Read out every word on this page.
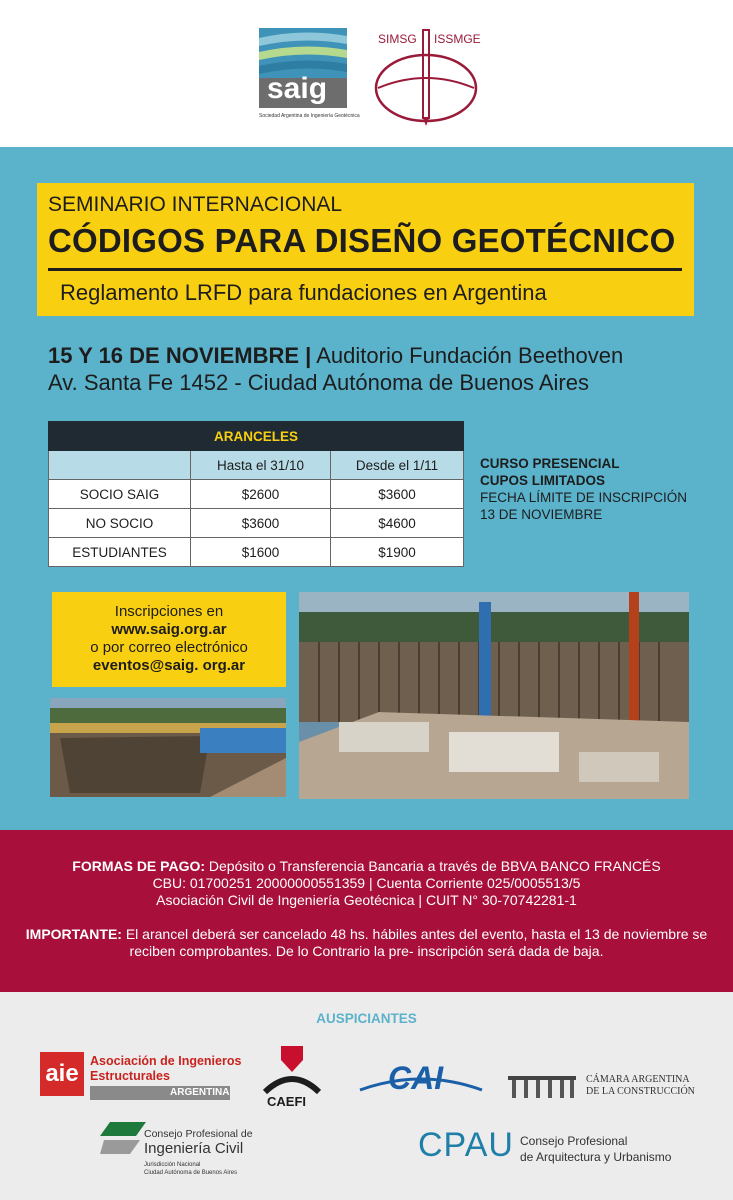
saig
Sociedad Argentina de Ingeniería Geotécnica
SIMSG ISSMGE
SEMINARIO INTERNACIONAL
CÓDIGOS PARA DISEÑO GEOTÉCNICO
Reglamento LRFD para fundaciones en Argentina
15 Y 16 DE NOVIEMBRE | Auditorio Fundación Beethoven
Av. Santa Fe 1452 - Ciudad Autónoma de Buenos Aires
ARANCELES		
	Hasta el 31/10	Desde el 1/11
SOCIO SAIG	$2600	$3600
NO SOCIO	$3600	$4600
ESTUDIANTES	$1600	$1900
CURSO PRESENCIAL
CUPOS LIMITADOS
FECHA LÍMITE DE INSCRIPCIÓN
13 DE NOVIEMBRE
Inscripciones en
www.saig.org.ar
o por correo electrónico
eventos@saig. org.ar
FORMAS DE PAGO: Depósito o Transferencia Bancaria a través de BBVA BANCO FRANCÉS
CBU: 01700251 20000000551359 | Cuenta Corriente 025/0005513/5
Asociación Civil de Ingeniería Geotécnica | CUIT N° 30-70742281-1
IMPORTANTE: El arancel deberá ser cancelado 48 hs. hábiles antes del evento, hasta el 13 de noviembre se reciben comprobantes. De lo Contrario la pre- inscripción será dada de baja.
AUSPICIANTES
aie Asociación de Ingenieros
Estructurales
ARGENTINA
CAEFI
CAI	CÁMARA ARGENTINA
DE LA CONSTRUCCIÓN
Consejo Profesional de
Ingeniería Civil
Jurisdicción Nacional
Ciudad Autónoma de Buenos Aires
CPAU Consejo Profesional
de Arquitectura y Urbanismo
